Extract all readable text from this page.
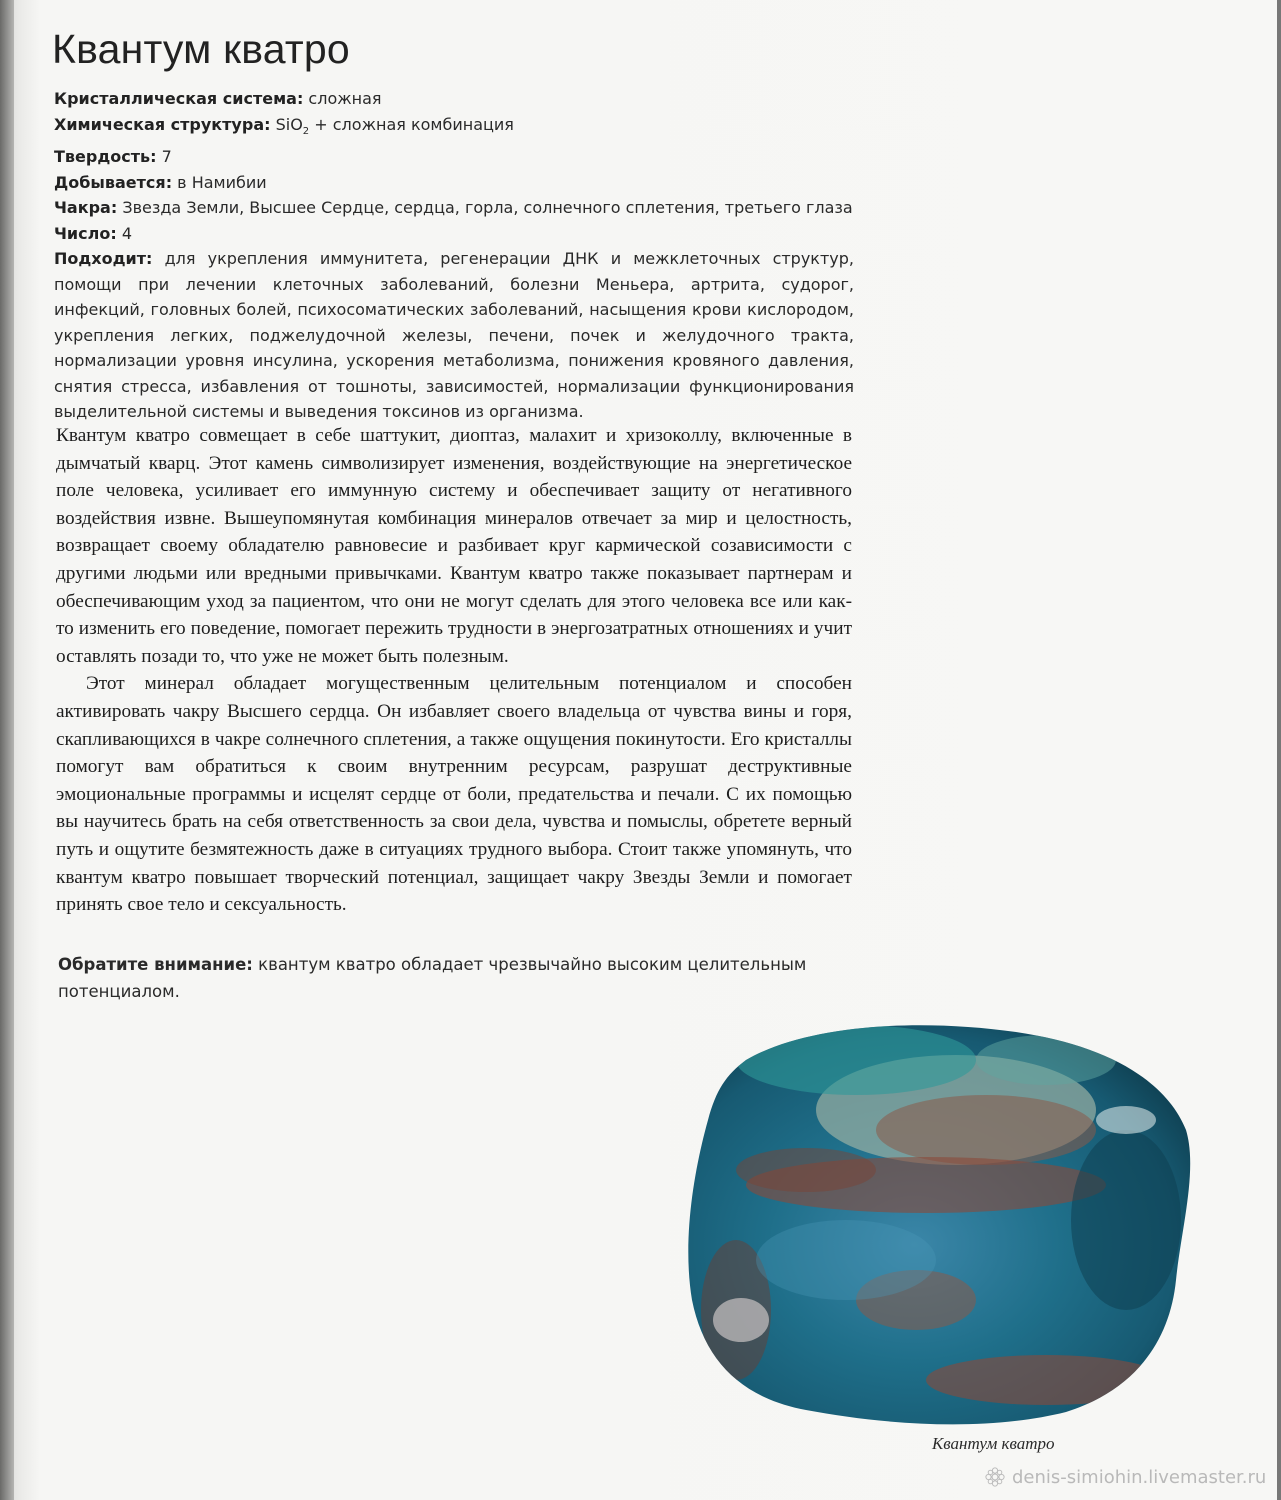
Квантум кватро
Кристаллическая система: сложная
Химическая структура: SiO$_2$ + сложная комбинация
Твердость: 7
Добывается: в Намибии
Чакра: Звезда Земли, Высшее Сердце, сердца, горла, солнечного сплетения, третьего глаза
Число: 4
Подходит: для укрепления иммунитета, регенерации ДНК и межклеточных структур, помощи при лечении клеточных заболеваний, болезни Меньера, артрита, судорог, инфекций, головных болей, психосоматических заболеваний, насыщения крови кислородом, укрепления легких, поджелудочной железы, печени, почек и желудочного тракта, нормализации уровня инсулина, ускорения метаболизма, понижения кровяного давления, снятия стресса, избавления от тошноты, зависимостей, нормализации функционирования выделительной системы и выведения токсинов из организма.

Квантум кватро совмещает в себе шаттукит, диоптаз, малахит и хризоколлу, включенные в дымчатый кварц. Этот камень символизирует изменения, воздействующие на энергетическое поле человека, усиливает его иммунную систему и обеспечивает защиту от негативного воздействия извне. Вышеупомянутая комбинация минералов отвечает за мир и целостность, возвращает своему обладателю равновесие и разбивает круг кармической созависимости с другими людьми или вредными привычками. Квантум кватро также показывает партнерам и обеспечивающим уход за пациентом, что они не могут сделать для этого человека все или как-то изменить его поведение, помогает пережить трудности в энергозатратных отношениях и учит оставлять позади то, что уже не может быть полезным.

Этот минерал обладает могущественным целительным потенциалом и способен активировать чакру Высшего сердца. Он избавляет своего владельца от чувства вины и горя, скапливающихся в чакре солнечного сплетения, а также ощущения покинутости. Его кристаллы помогут вам обратиться к своим внутренним ресурсам, разрушат деструктивные эмоциональные программы и исцелят сердце от боли, предательства и печали. С их помощью вы научитесь брать на себя ответственность за свои дела, чувства и помыслы, обретете верный путь и ощутите безмятежность даже в ситуациях трудного выбора. Стоит также упомянуть, что квантум кватро повышает творческий потенциал, защищает чакру Звезды Земли и помогает принять свое тело и сексуальность.

Обратите внимание: квантум кватро обладает чрезвычайно высоким целительным потенциалом.
Квантум кватро
denis-simiohin.livemaster.ru
